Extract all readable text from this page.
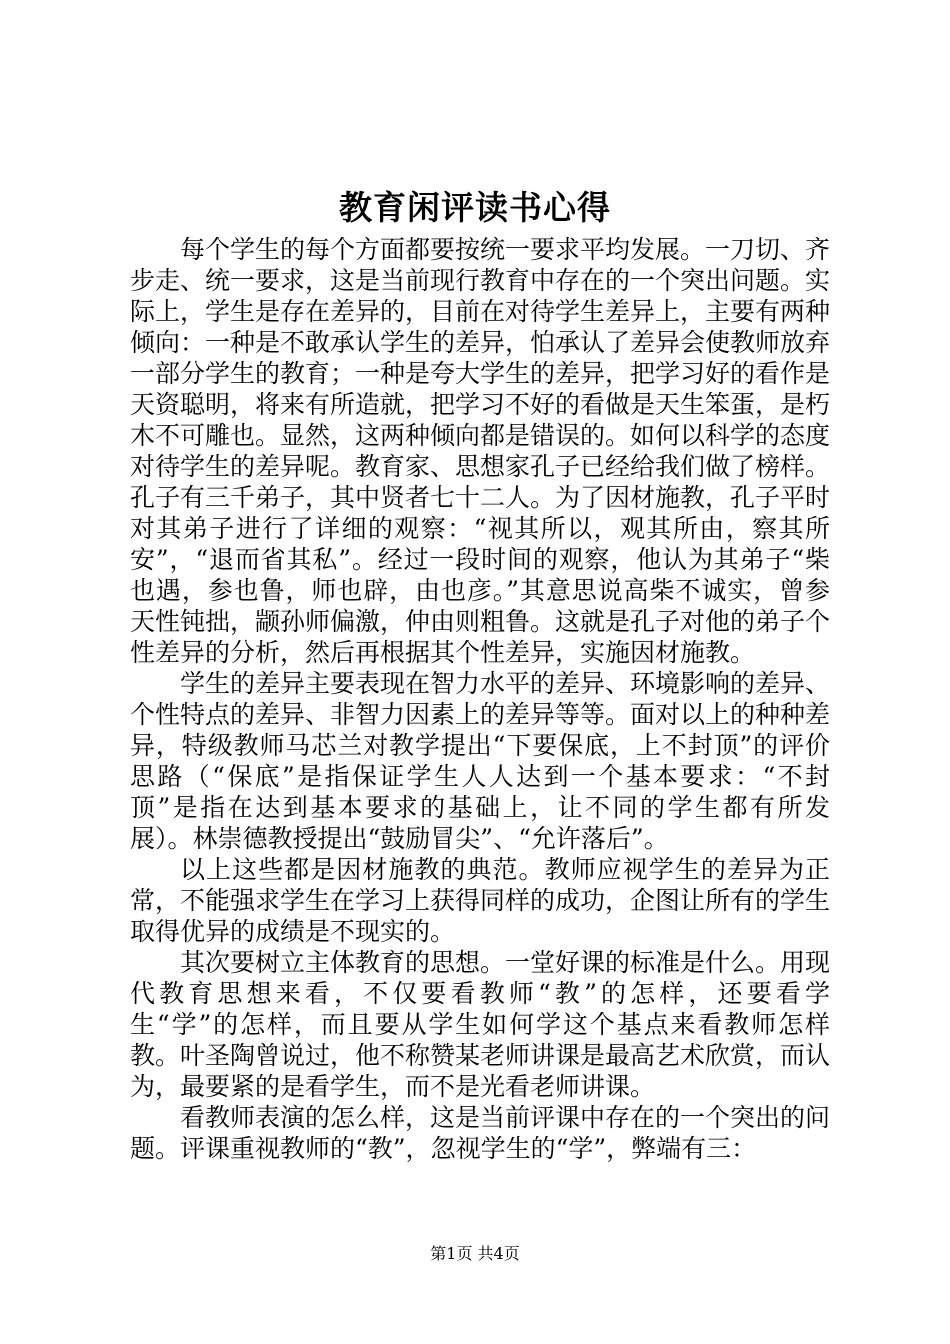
教育闲评读书心得

每个学生的每个方面都要按统一要求平均发展。一刀切、齐步走、统一要求，这是当前现行教育中存在的一个突出问题。实际上，学生是存在差异的，目前在对待学生差异上，主要有两种倾向：一种是不敢承认学生的差异，怕承认了差异会使教师放弃一部分学生的教育；一种是夸大学生的差异，把学习好的看作是天资聪明，将来有所造就，把学习不好的看做是天生笨蛋，是朽木不可雕也。显然，这两种倾向都是错误的。如何以科学的态度对待学生的差异呢。教育家、思想家孔子已经给我们做了榜样。孔子有三千弟子，其中贤者七十二人。为了因材施教，孔子平时对其弟子进行了详细的观察：“视其所以，观其所由，察其所安”，“退而省其私”。经过一段时间的观察，他认为其弟子“柴也遇，参也鲁，师也辟，由也彦。”其意思说高柴不诚实，曾参天性钝拙，颛孙师偏激，仲由则粗鲁。这就是孔子对他的弟子个性差异的分析，然后再根据其个性差异，实施因材施教。

学生的差异主要表现在智力水平的差异、环境影响的差异、个性特点的差异、非智力因素上的差异等等。面对以上的种种差异，特级教师马芯兰对教学提出“下要保底，上不封顶”的评价思路（“保底”是指保证学生人人达到一个基本要求：“不封顶”是指在达到基本要求的基础上，让不同的学生都有所发展）。林崇德教授提出“鼓励冒尖”、“允许落后”。

以上这些都是因材施教的典范。教师应视学生的差异为正常，不能强求学生在学习上获得同样的成功，企图让所有的学生取得优异的成绩是不现实的。

其次要树立主体教育的思想。一堂好课的标准是什么。用现代教育思想来看，不仅要看教师“教”的怎样，还要看学生“学”的怎样，而且要从学生如何学这个基点来看教师怎样教。叶圣陶曾说过，他不称赞某老师讲课是最高艺术欣赏，而认为，最要紧的是看学生，而不是光看老师讲课。

看教师表演的怎么样，这是当前评课中存在的一个突出的问题。评课重视教师的“教”，忽视学生的“学”，弊端有三：

第1页 共4页
